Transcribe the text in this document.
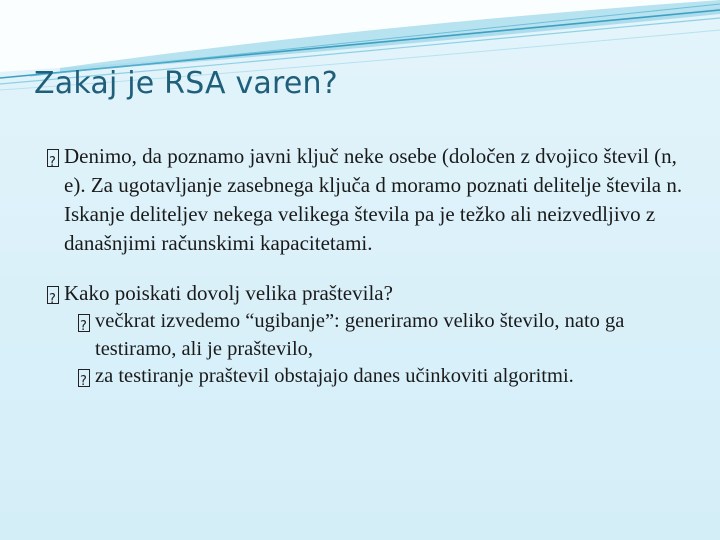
Zakaj je RSA varen?
?
Denimo, da poznamo javni ključ neke osebe (določen z dvojico števil (n, e). Za ugotavljanje zasebnega ključa d moramo poznati delitelje števila n. Iskanje deliteljev nekega velikega števila pa je težko ali neizvedljivo z današnjimi računskimi kapacitetami.
?
Kako poiskati dovolj velika praštevila?
?
večkrat izvedemo “ugibanje”: generiramo veliko število, nato ga testiramo, ali je praštevilo,
?
za testiranje praštevil obstajajo danes učinkoviti algoritmi.
